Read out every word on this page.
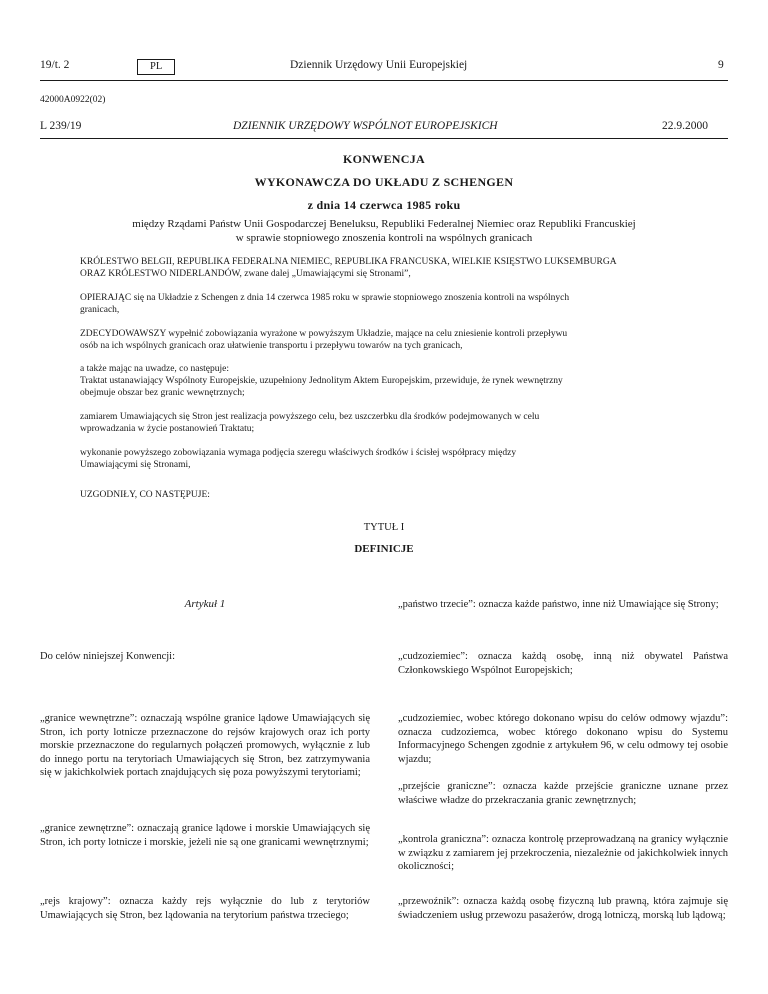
19/t. 2	PL	Dziennik Urzędowy Unii Europejskiej	9
42000A0922(02)
L 239/19	DZIENNIK URZĘDOWY WSPÓLNOT EUROPEJSKICH	22.9.2000
KONWENCJA
WYKONAWCZA DO UKŁADU Z SCHENGEN
z dnia 14 czerwca 1985 roku
między Rządami Państw Unii Gospodarczej Beneluksu, Republiki Federalnej Niemiec oraz Republiki Francuskiej
w sprawie stopniowego znoszenia kontroli na wspólnych granicach
KRÓLESTWO BELGII, REPUBLIKA FEDERALNA NIEMIEC, REPUBLIKA FRANCUSKA, WIELKIE KSIĘSTWO LUKSEMBURGA
ORAZ KRÓLESTWO NIDERLANDÓW, zwane dalej „Umawiającymi się Stronami”,
OPIERAJĄC się na Układzie z Schengen z dnia 14 czerwca 1985 roku w sprawie stopniowego znoszenia kontroli na wspólnych
granicach,
ZDECYDOWAWSZY wypełnić zobowiązania wyrażone w powyższym Układzie, mające na celu zniesienie kontroli przepływu
osób na ich wspólnych granicach oraz ułatwienie transportu i przepływu towarów na tych granicach,
a także mając na uwadze, co następuje:
Traktat ustanawiający Wspólnoty Europejskie, uzupełniony Jednolitym Aktem Europejskim, przewiduje, że rynek wewnętrzny
obejmuje obszar bez granic wewnętrznych;
zamiarem Umawiających się Stron jest realizacja powyższego celu, bez uszczerbku dla środków podejmowanych w celu
wprowadzania w życie postanowień Traktatu;
wykonanie powyższego zobowiązania wymaga podjęcia szeregu właściwych środków i ścisłej współpracy między
Umawiającymi się Stronami,
UZGODNIŁY, CO NASTĘPUJE:
TYTUŁ I
DEFINICJE
Artykuł 1
Do celów niniejszej Konwencji:
„granice wewnętrzne”: oznaczają wspólne granice lądowe Umawiających się Stron, ich porty lotnicze przeznaczone do rejsów krajowych oraz ich porty morskie przeznaczone do regularnych połączeń promowych, wyłącznie z lub do innego portu na terytoriach Umawiających się Stron, bez zatrzymywania się w jakichkolwiek portach znajdujących się poza powyższymi terytoriami;
„granice zewnętrzne”: oznaczają granice lądowe i morskie Umawiających się Stron, ich porty lotnicze i morskie, jeżeli nie są one granicami wewnętrznymi;
„rejs krajowy”: oznacza każdy rejs wyłącznie do lub z terytoriów Umawiających się Stron, bez lądowania na terytorium państwa trzeciego;
„państwo trzecie”: oznacza każde państwo, inne niż Umawiające się Strony;
„cudzoziemiec”: oznacza każdą osobę, inną niż obywatel Państwa Członkowskiego Wspólnot Europejskich;
„cudzoziemiec, wobec którego dokonano wpisu do celów odmowy wjazdu”: oznacza cudzoziemca, wobec którego dokonano wpisu do Systemu Informacyjnego Schengen zgodnie z artykułem 96, w celu odmowy tej osobie wjazdu;
„przejście graniczne”: oznacza każde przejście graniczne uznane przez właściwe władze do przekraczania granic zewnętrznych;
„kontrola graniczna”: oznacza kontrolę przeprowadzaną na granicy wyłącznie w związku z zamiarem jej przekroczenia, niezależnie od jakichkolwiek innych okoliczności;
„przewoźnik”: oznacza każdą osobę fizyczną lub prawną, która zajmuje się świadczeniem usług przewozu pasażerów, drogą lotniczą, morską lub lądową;
